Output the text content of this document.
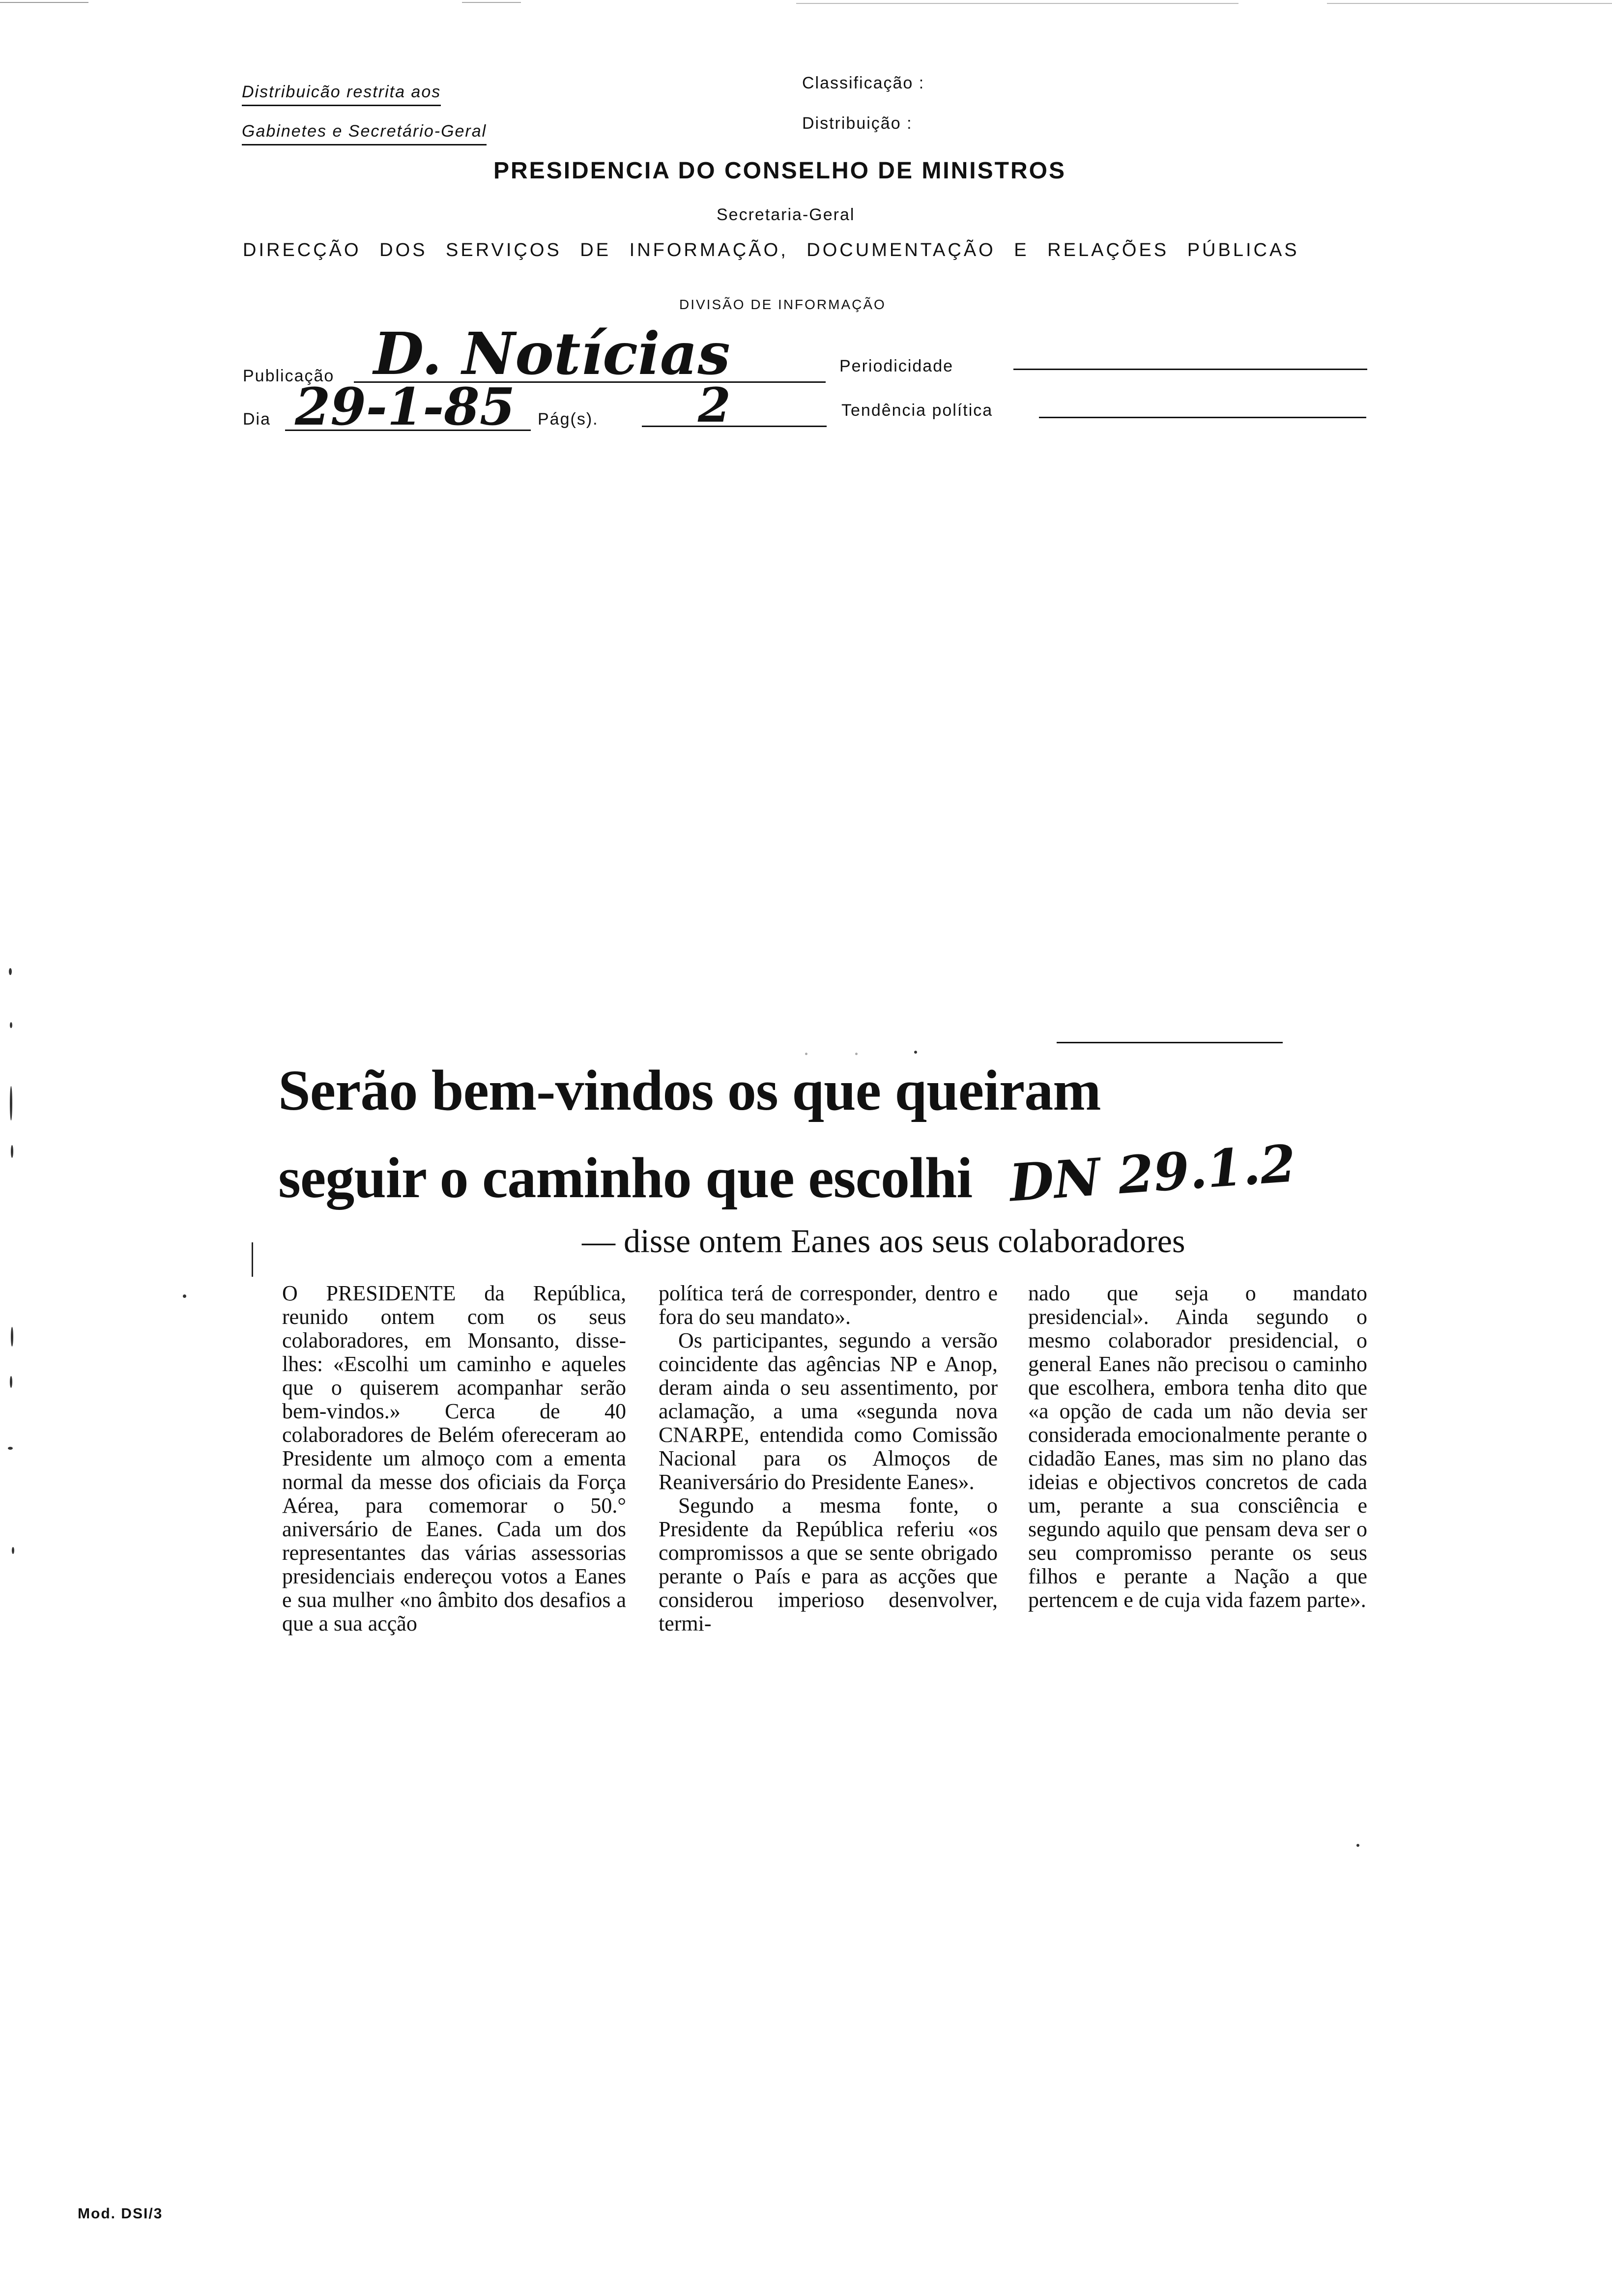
Distribuicão restrita aos
Gabinetes e Secretário-Geral
Classificação :
Distribuição :
PRESIDENCIA DO CONSELHO DE MINISTROS
Secretaria-Geral
DIRECÇÃO DOS SERVIÇOS DE INFORMAÇÃO, DOCUMENTAÇÃO E RELAÇÕES PÚBLICAS
DIVISÃO DE INFORMAÇÃO
Publicação D. Notícias	Periodicidade
Dia 29-1-85 Pág(s). 2	Tendência política
Serão bem-vindos os que queiram
seguir o caminho que escolhi
— disse ontem Eanes aos seus colaboradores
DN 29.1.2

O PRESIDENTE da República, reunido ontem com os seus colaboradores, em Monsanto, disse-lhes: «Escolhi um caminho e aqueles que o quiserem acompanhar serão bem-vindos.» Cerca de 40 colaboradores de Belém ofereceram ao Presidente um almoço com a ementa normal da messe dos oficiais da Força Aérea, para comemorar o 50.° aniversário de Eanes. Cada um dos representantes das várias assessorias presidenciais endereçou votos a Eanes e sua mulher «no âmbito dos desafios a que a sua acção

política terá de corresponder, dentro e fora do seu mandato».

Os participantes, segundo a versão coincidente das agências NP e Anop, deram ainda o seu assentimento, por aclamação, a uma «segunda nova CNARPE, entendida como Comissão Nacional para os Almoços de Reaniversário do Presidente Eanes».

Segundo a mesma fonte, o Presidente da República referiu «os compromissos a que se sente obrigado perante o País e para as acções que considerou imperioso desenvolver, termi-

nado que seja o mandato presidencial». Ainda segundo o mesmo colaborador presidencial, o general Eanes não precisou o caminho que escolhera, embora tenha dito que «a opção de cada um não devia ser considerada emocionalmente perante o cidadão Eanes, mas sim no plano das ideias e objectivos concretos de cada um, perante a sua consciência e segundo aquilo que pensam deva ser o seu compromisso perante os seus filhos e perante a Nação a que pertencem e de cuja vida fazem parte».

Mod. DSI/3
